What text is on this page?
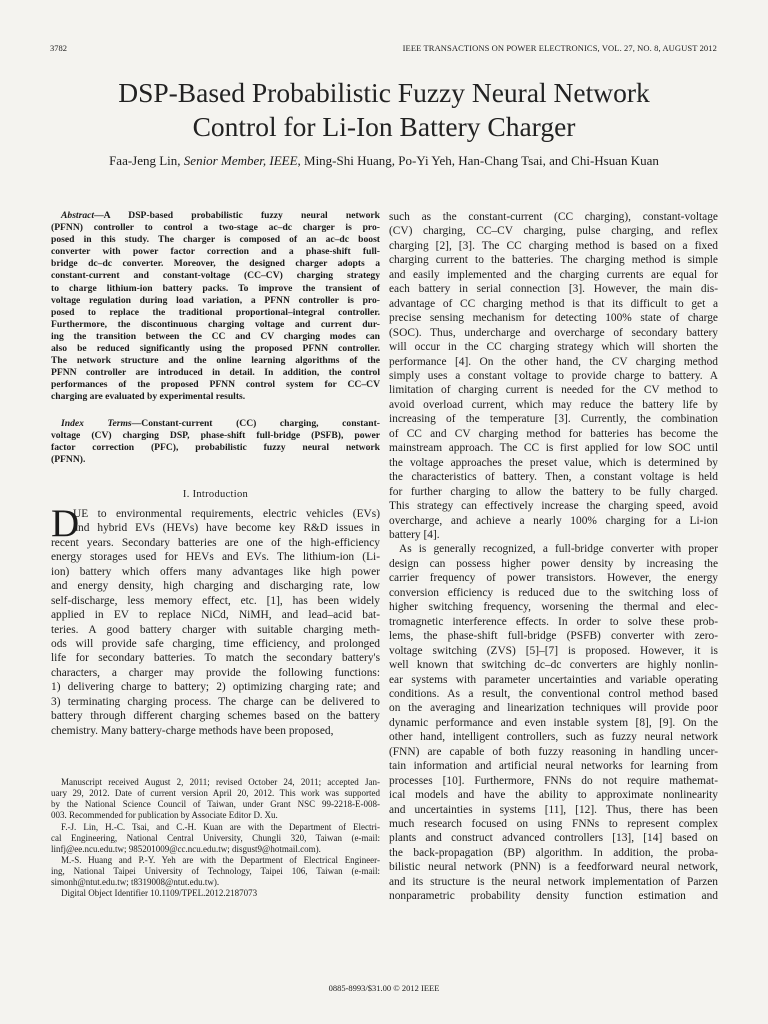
3782	IEEE TRANSACTIONS ON POWER ELECTRONICS, VOL. 27, NO. 8, AUGUST 2012
DSP-Based Probabilistic Fuzzy Neural Network
Control for Li-Ion Battery Charger
Faa-Jeng Lin, Senior Member, IEEE, Ming-Shi Huang, Po-Yi Yeh, Han-Chang Tsai, and Chi-Hsuan Kuan
Abstract—A DSP-based probabilistic fuzzy neural network
(PFNN) controller to control a two-stage ac–dc charger is pro-
posed in this study. The charger is composed of an ac–dc boost
converter with power factor correction and a phase-shift full-
bridge dc–dc converter. Moreover, the designed charger adopts a
constant-current and constant-voltage (CC–CV) charging strategy
to charge lithium-ion battery packs. To improve the transient of
voltage regulation during load variation, a PFNN controller is pro-
posed to replace the traditional proportional–integral controller.
Furthermore, the discontinuous charging voltage and current dur-
ing the transition between the CC and CV charging modes can
also be reduced significantly using the proposed PFNN controller.
The network structure and the online learning algorithms of the
PFNN controller are introduced in detail. In addition, the control
performances of the proposed PFNN control system for CC–CV
charging are evaluated by experimental results.
Index Terms—Constant-current (CC) charging, constant-
voltage (CV) charging DSP, phase-shift full-bridge (PSFB), power
factor correction (PFC), probabilistic fuzzy neural network
(PFNN).
I. Introduction
D
UE to environmental requirements, electric vehicles (EVs)
and hybrid EVs (HEVs) have become key R&D issues in
recent years. Secondary batteries are one of the high-efficiency
energy storages used for HEVs and EVs. The lithium-ion (Li-
ion) battery which offers many advantages like high power
and energy density, high charging and discharging rate, low
self-discharge, less memory effect, etc. [1], has been widely
applied in EV to replace NiCd, NiMH, and lead–acid bat-
teries. A good battery charger with suitable charging meth-
ods will provide safe charging, time efficiency, and prolonged
life for secondary batteries. To match the secondary battery's
characters, a charger may provide the following functions:
1) delivering charge to battery; 2) optimizing charging rate; and
3) terminating charging process. The charge can be delivered to
battery through different charging schemes based on the battery
chemistry. Many battery-charge methods have been proposed,
Manuscript received August 2, 2011; revised October 24, 2011; accepted Jan-
uary 29, 2012. Date of current version April 20, 2012. This work was supported
by the National Science Council of Taiwan, under Grant NSC 99-2218-E-008-
003. Recommended for publication by Associate Editor D. Xu.
F.-J. Lin, H.-C. Tsai, and C.-H. Kuan are with the Department of Electri-
cal Engineering, National Central University, Chungli 320, Taiwan (e-mail:
linfj@ee.ncu.edu.tw; 985201009@cc.ncu.edu.tw; disgust9@hotmail.com).
M.-S. Huang and P.-Y. Yeh are with the Department of Electrical Engineer-
ing, National Taipei University of Technology, Taipei 106, Taiwan (e-mail:
simonh@ntut.edu.tw; t8319008@ntut.edu.tw).
Digital Object Identifier 10.1109/TPEL.2012.2187073
such as the constant-current (CC charging), constant-voltage
(CV) charging, CC–CV charging, pulse charging, and reflex
charging [2], [3]. The CC charging method is based on a fixed
charging current to the batteries. The charging method is simple
and easily implemented and the charging currents are equal for
each battery in serial connection [3]. However, the main dis-
advantage of CC charging method is that its difficult to get a
precise sensing mechanism for detecting 100% state of charge
(SOC). Thus, undercharge and overcharge of secondary battery
will occur in the CC charging strategy which will shorten the
performance [4]. On the other hand, the CV charging method
simply uses a constant voltage to provide charge to battery. A
limitation of charging current is needed for the CV method to
avoid overload current, which may reduce the battery life by
increasing of the temperature [3]. Currently, the combination
of CC and CV charging method for batteries has become the
mainstream approach. The CC is first applied for low SOC until
the voltage approaches the preset value, which is determined by
the characteristics of battery. Then, a constant voltage is held
for further charging to allow the battery to be fully charged.
This strategy can effectively increase the charging speed, avoid
overcharge, and achieve a nearly 100% charging for a Li-ion
battery [4].
As is generally recognized, a full-bridge converter with proper
design can possess higher power density by increasing the
carrier frequency of power transistors. However, the energy
conversion efficiency is reduced due to the switching loss of
higher switching frequency, worsening the thermal and elec-
tromagnetic interference effects. In order to solve these prob-
lems, the phase-shift full-bridge (PSFB) converter with zero-
voltage switching (ZVS) [5]–[7] is proposed. However, it is
well known that switching dc–dc converters are highly nonlin-
ear systems with parameter uncertainties and variable operating
conditions. As a result, the conventional control method based
on the averaging and linearization techniques will provide poor
dynamic performance and even instable system [8], [9]. On the
other hand, intelligent controllers, such as fuzzy neural network
(FNN) are capable of both fuzzy reasoning in handling uncer-
tain information and artificial neural networks for learning from
processes [10]. Furthermore, FNNs do not require mathemat-
ical models and have the ability to approximate nonlinearity
and uncertainties in systems [11], [12]. Thus, there has been
much research focused on using FNNs to represent complex
plants and construct advanced controllers [13], [14] based on
the back-propagation (BP) algorithm. In addition, the proba-
bilistic neural network (PNN) is a feedforward neural network,
and its structure is the neural network implementation of Parzen
nonparametric probability density function estimation and
0885-8993/$31.00 © 2012 IEEE
